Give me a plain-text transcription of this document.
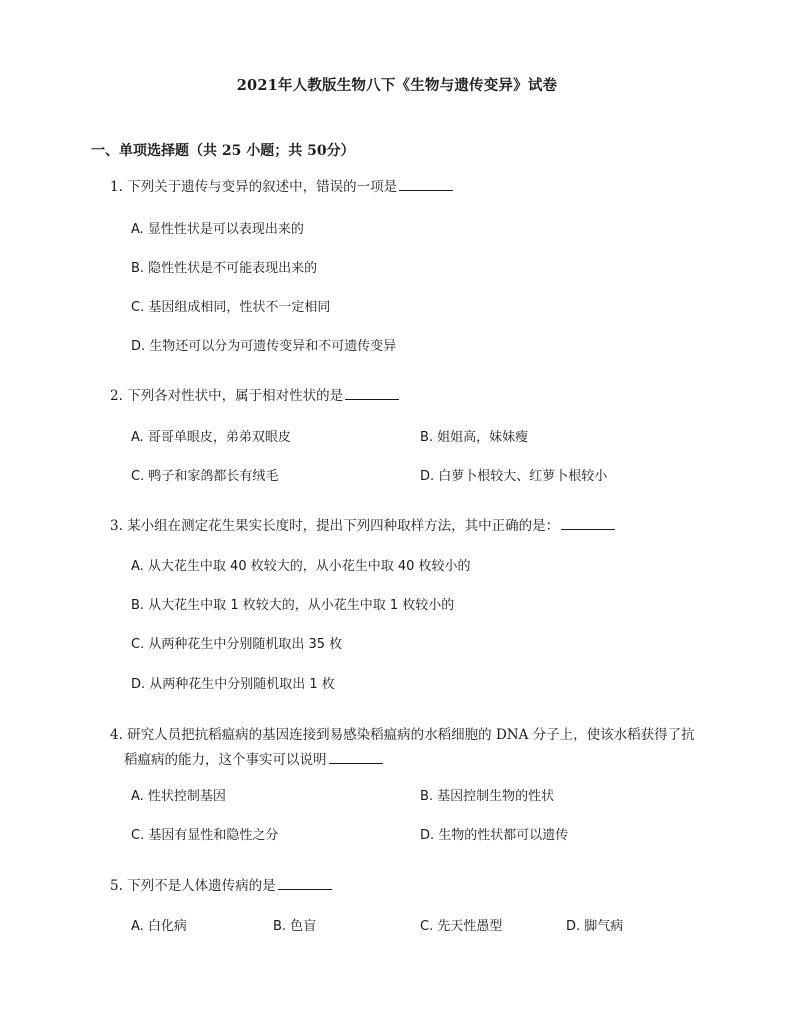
2021年人教版生物八下《生物与遗传变异》试卷
一、单项选择题（共 25 小题；共 50分）
1. 下列关于遗传与变异的叙述中，错误的一项是
A. 显性性状是可以表现出来的
B. 隐性性状是不可能表现出来的
C. 基因组成相同，性状不一定相同
D. 生物还可以分为可遗传变异和不可遗传变异
2. 下列各对性状中，属于相对性状的是
A. 哥哥单眼皮，弟弟双眼皮	B. 姐姐高，妹妹瘦
C. 鸭子和家鸽都长有绒毛	D. 白萝卜根较大、红萝卜根较小
3. 某小组在测定花生果实长度时，提出下列四种取样方法，其中正确的是：
A. 从大花生中取 40 枚较大的，从小花生中取 40 枚较小的
B. 从大花生中取 1 枚较大的，从小花生中取 1 枚较小的
C. 从两种花生中分别随机取出 35 枚
D. 从两种花生中分别随机取出 1 枚
4. 研究人员把抗稻瘟病的基因连接到易感染稻瘟病的水稻细胞的 DNA 分子上，使该水稻获得了抗
稻瘟病的能力，这个事实可以说明
A. 性状控制基因	B. 基因控制生物的性状
C. 基因有显性和隐性之分	D. 生物的性状都可以遗传
5. 下列不是人体遗传病的是
A. 白化病	B. 色盲	C. 先天性愚型	D. 脚气病
